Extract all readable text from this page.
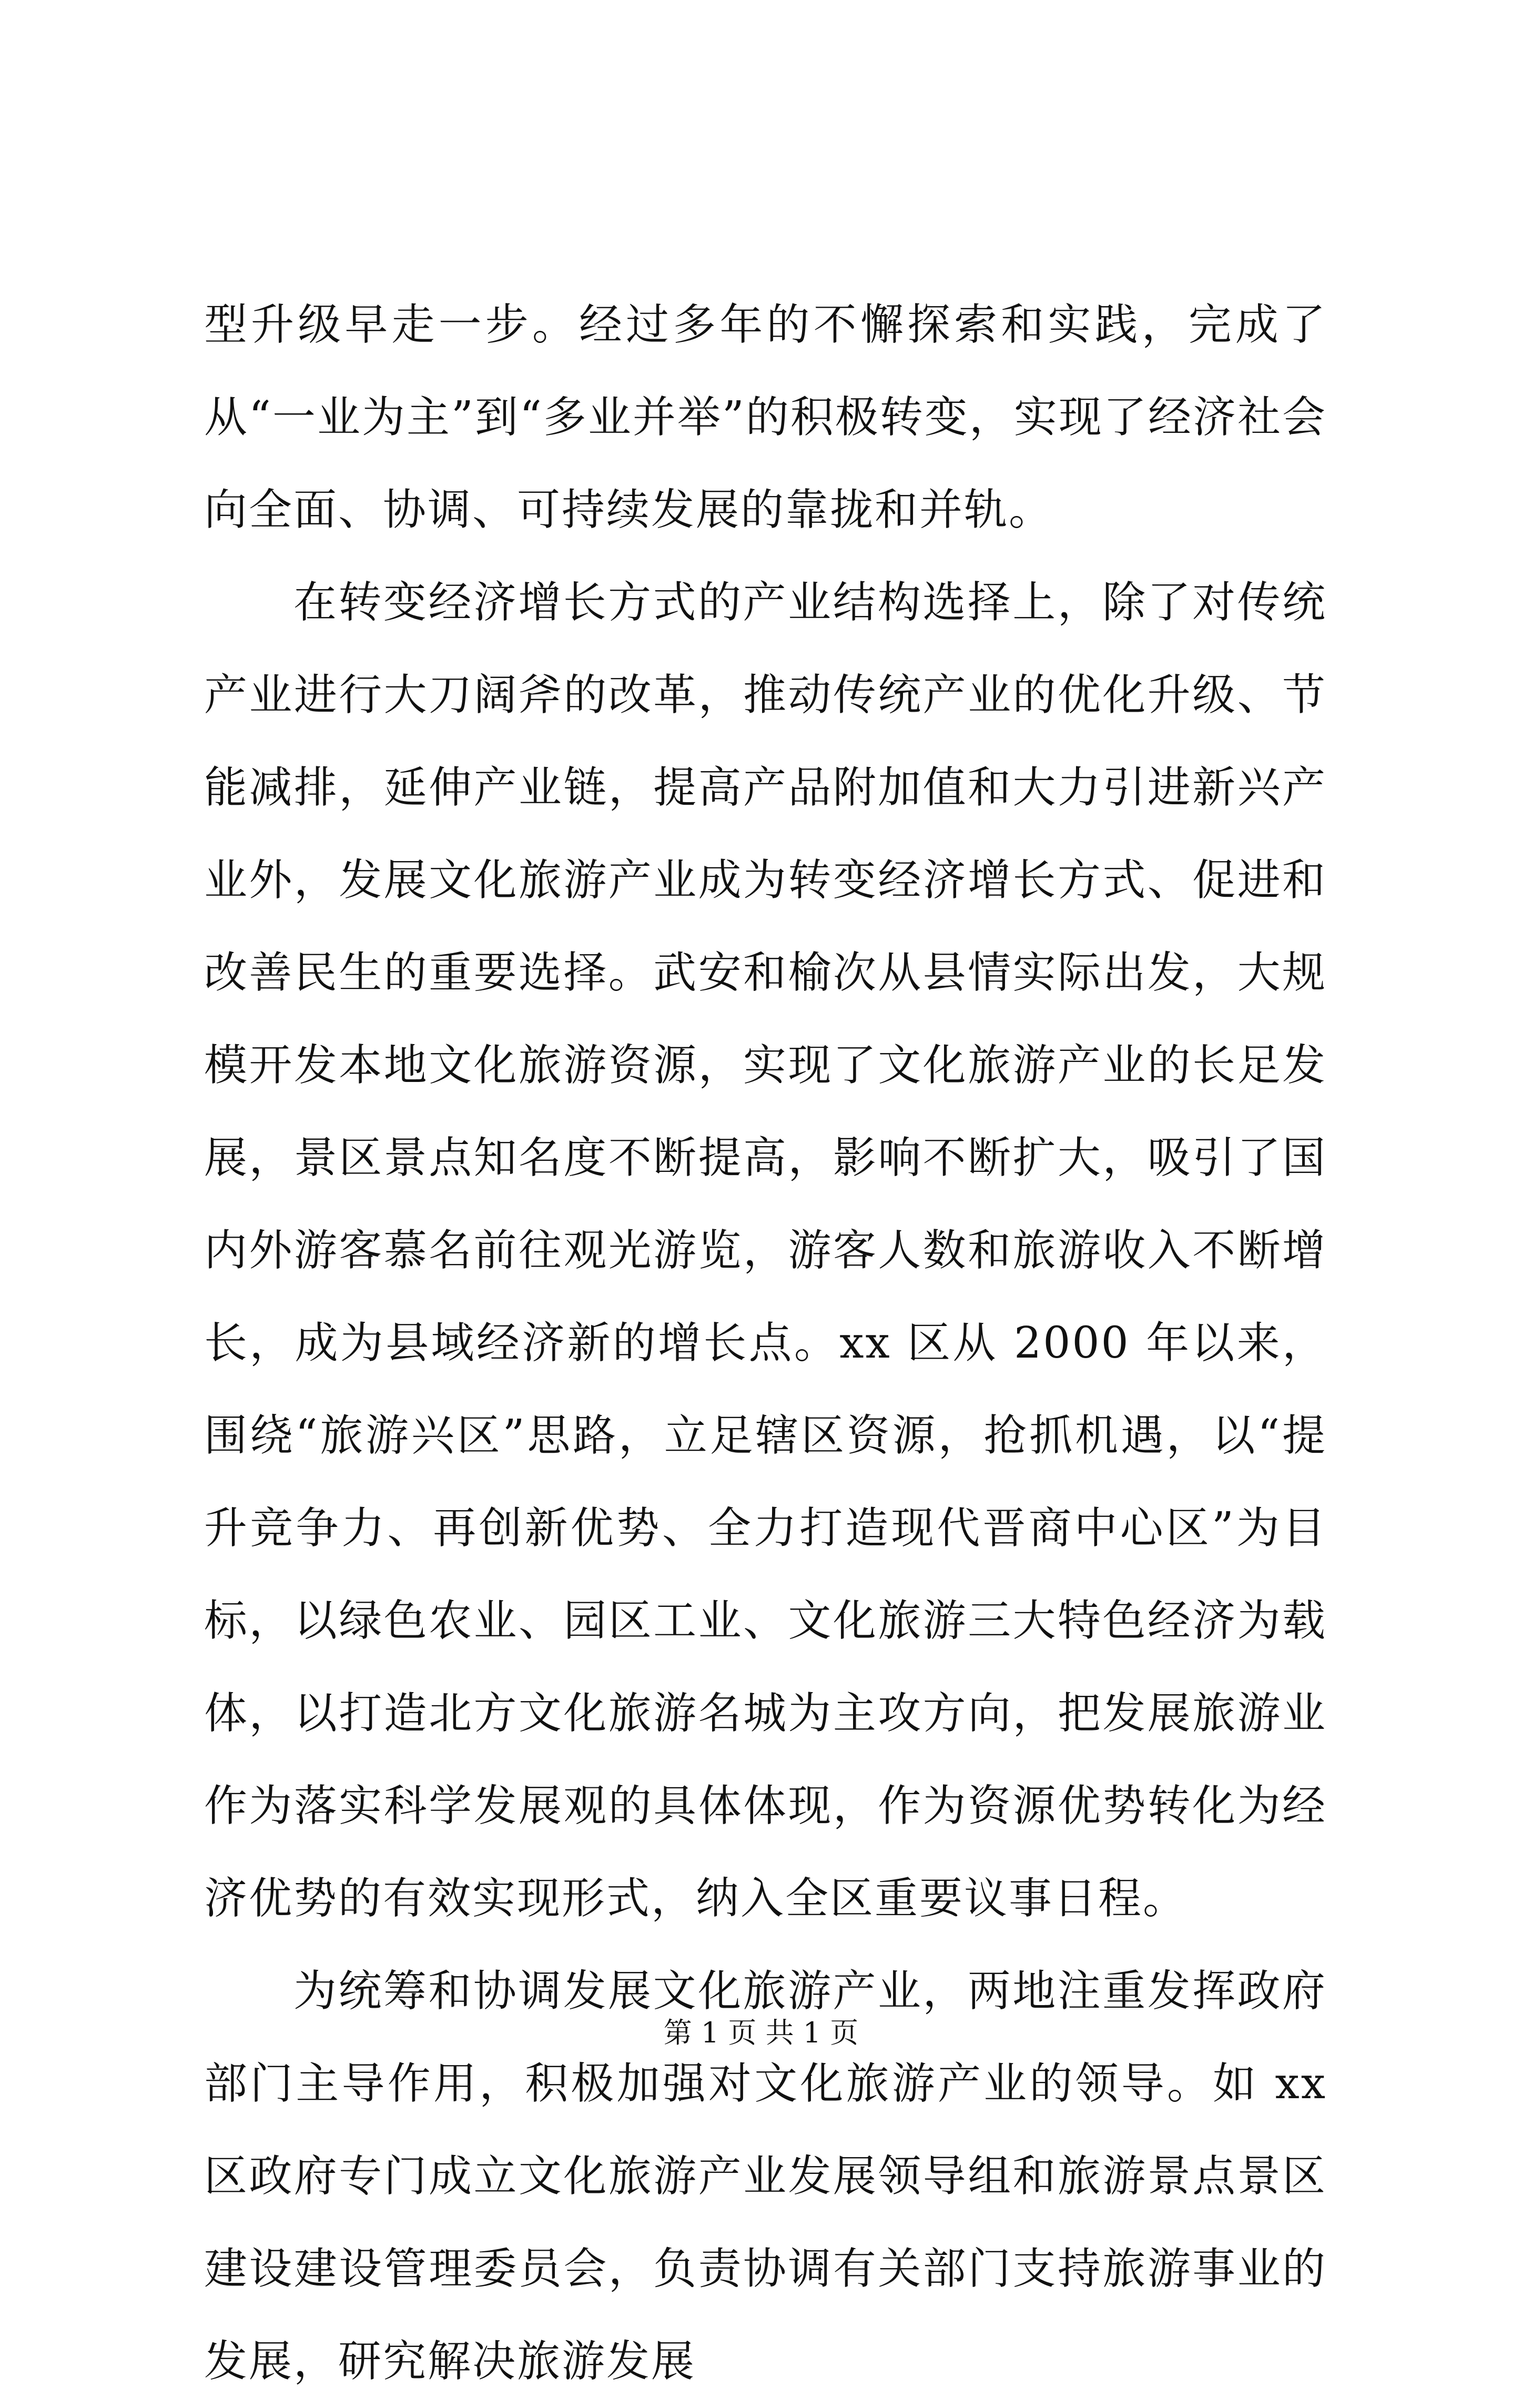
型升级早走一步。经过多年的不懈探索和实践，完成了从“一业为主”到“多业并举”的积极转变，实现了经济社会向全面、协调、可持续发展的靠拢和并轨。

在转变经济增长方式的产业结构选择上，除了对传统产业进行大刀阔斧的改革，推动传统产业的优化升级、节能减排，延伸产业链，提高产品附加值和大力引进新兴产业外，发展文化旅游产业成为转变经济增长方式、促进和改善民生的重要选择。武安和榆次从县情实际出发，大规模开发本地文化旅游资源，实现了文化旅游产业的长足发展，景区景点知名度不断提高，影响不断扩大，吸引了国内外游客慕名前往观光游览，游客人数和旅游收入不断增长，成为县域经济新的增长点。xx 区从 2000 年以来，围绕“旅游兴区”思路，立足辖区资源，抢抓机遇，以“提升竞争力、再创新优势、全力打造现代晋商中心区”为目标，以绿色农业、园区工业、文化旅游三大特色经济为载体，以打造北方文化旅游名城为主攻方向，把发展旅游业作为落实科学发展观的具体体现，作为资源优势转化为经济优势的有效实现形式，纳入全区重要议事日程。

为统筹和协调发展文化旅游产业，两地注重发挥政府部门主导作用，积极加强对文化旅游产业的领导。如 xx 区政府专门成立文化旅游产业发展领导组和旅游景点景区建设建设管理委员会，负责协调有关部门支持旅游事业的发展，研究解决旅游发展

第 1 页 共 1 页
